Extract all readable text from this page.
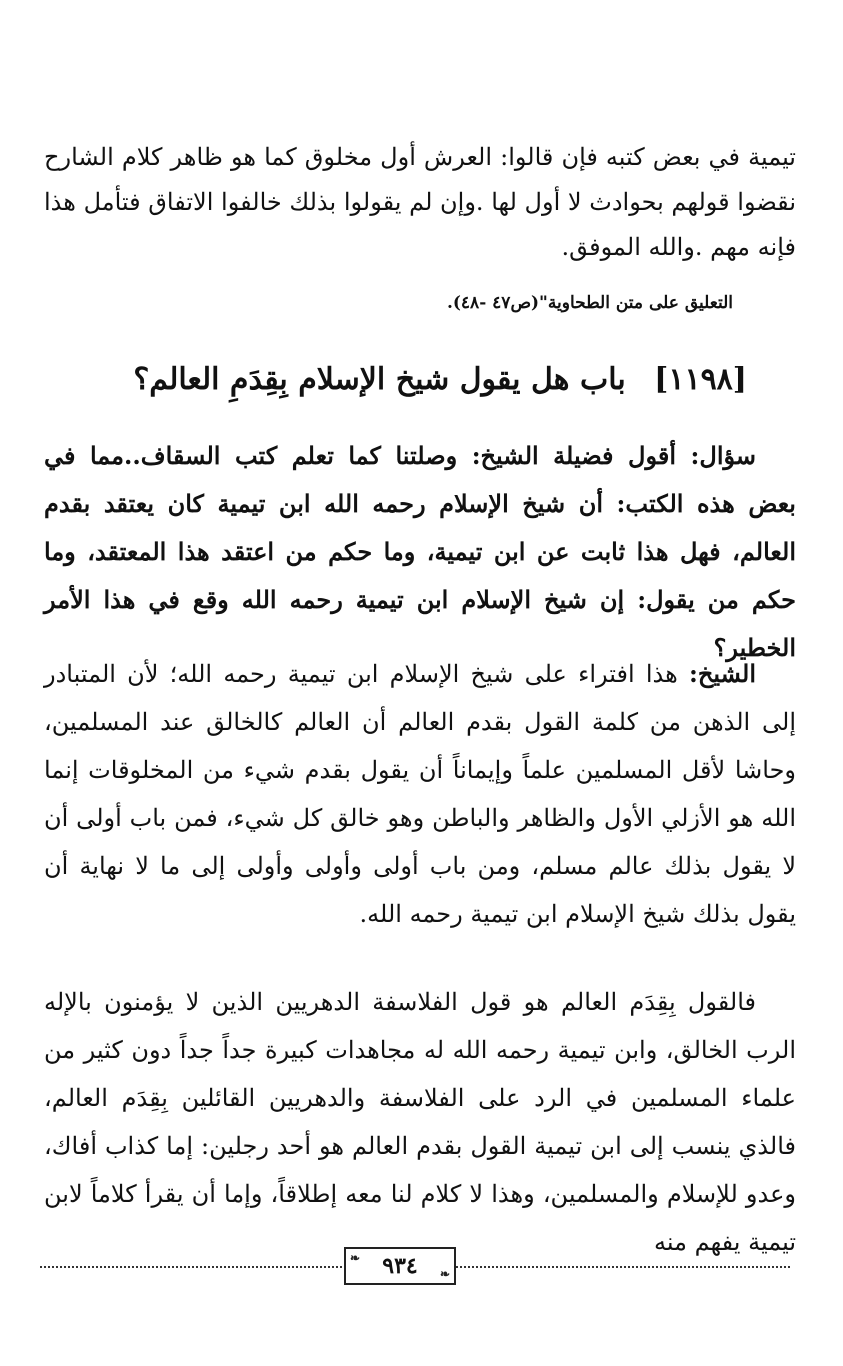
تيمية في بعض كتبه فإن قالوا: العرش أول مخلوق كما هو ظاهر كلام الشارح نقضوا قولهم بحوادث لا أول لها .وإن لم يقولوا بذلك خالفوا الاتفاق فتأمل هذا فإنه مهم .والله الموفق.
التعليق على متن الطحاوية"(ص٤٧ -٤٨).
[١١٩٨] باب هل يقول شيخ الإسلام بِقِدَمِ العالم؟
سؤال: أقول فضيلة الشيخ: وصلتنا كما تعلم كتب السقاف..مما في بعض هذه الكتب: أن شيخ الإسلام رحمه الله ابن تيمية كان يعتقد بقدم العالم، فهل هذا ثابت عن ابن تيمية، وما حكم من اعتقد هذا المعتقد، وما حكم من يقول: إن شيخ الإسلام ابن تيمية رحمه الله وقع في هذا الأمر الخطير؟
الشيخ: هذا افتراء على شيخ الإسلام ابن تيمية رحمه الله؛ لأن المتبادر إلى الذهن من كلمة القول بقدم العالم أن العالم كالخالق عند المسلمين، وحاشا لأقل المسلمين علماً وإيماناً أن يقول بقدم شيء من المخلوقات إنما الله هو الأزلي الأول والظاهر والباطن وهو خالق كل شيء، فمن باب أولى أن لا يقول بذلك عالم مسلم، ومن باب أولى وأولى وأولى إلى ما لا نهاية أن يقول بذلك شيخ الإسلام ابن تيمية رحمه الله.
فالقول بِقِدَم العالم هو قول الفلاسفة الدهريين الذين لا يؤمنون بالإله الرب الخالق، وابن تيمية رحمه الله له مجاهدات كبيرة جداً جداً دون كثير من علماء المسلمين في الرد على الفلاسفة والدهريين القائلين بِقِدَم العالم، فالذي ينسب إلى ابن تيمية القول بقدم العالم هو أحد رجلين: إما كذاب أفاك، وعدو للإسلام والمسلمين، وهذا لا كلام لنا معه إطلاقاً، وإما أن يقرأ كلاماً لابن تيمية يفهم منه
❧ ٩٣٤ ❧
